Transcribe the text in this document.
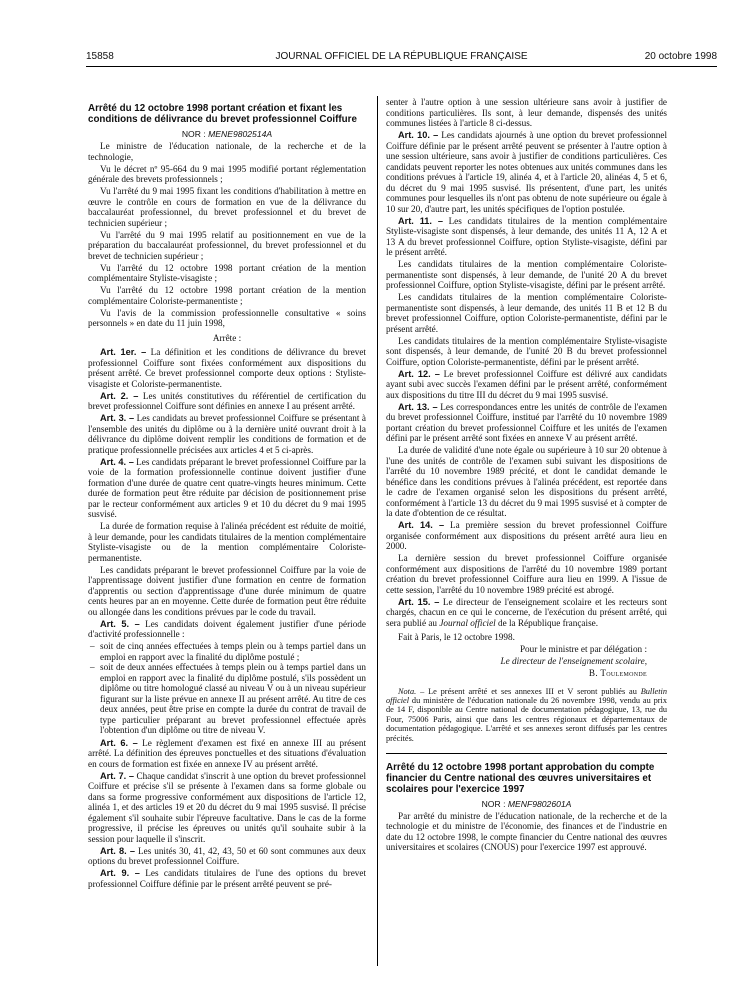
15858	JOURNAL OFFICIEL DE LA RÉPUBLIQUE FRANÇAISE	20 octobre 1998
Arrêté du 12 octobre 1998 portant création et fixant les conditions de délivrance du brevet professionnel Coiffure

NOR : MENE9802514A

Le ministre de l'éducation nationale, de la recherche et de la technologie,

Vu le décret nº 95-664 du 9 mai 1995 modifié portant réglementation générale des brevets professionnels ;

Vu l'arrêté du 9 mai 1995 fixant les conditions d'habilitation à mettre en œuvre le contrôle en cours de formation en vue de la délivrance du baccalauréat professionnel, du brevet professionnel et du brevet de technicien supérieur ;

Vu l'arrêté du 9 mai 1995 relatif au positionnement en vue de la préparation du baccalauréat professionnel, du brevet professionnel et du brevet de technicien supérieur ;

Vu l'arrêté du 12 octobre 1998 portant création de la mention complémentaire Styliste-visagiste ;

Vu l'arrêté du 12 octobre 1998 portant création de la mention complémentaire Coloriste-permanentiste ;

Vu l'avis de la commission professionnelle consultative « soins personnels » en date du 11 juin 1998,

Arrête :

Art. 1er. – La définition et les conditions de délivrance du brevet professionnel Coiffure sont fixées conformément aux dispositions du présent arrêté. Ce brevet professionnel comporte deux options : Styliste-visagiste et Coloriste-permanentiste.

Art. 2. – Les unités constitutives du référentiel de certification du brevet professionnel Coiffure sont définies en annexe I au présent arrêté.

Art. 3. – Les candidats au brevet professionnel Coiffure se présentant à l'ensemble des unités du diplôme ou à la dernière unité ouvrant droit à la délivrance du diplôme doivent remplir les conditions de formation et de pratique professionnelle précisées aux articles 4 et 5 ci-après.

Art. 4. – Les candidats préparant le brevet professionnel Coiffure par la voie de la formation professionnelle continue doivent justifier d'une formation d'une durée de quatre cent quatre-vingts heures minimum. Cette durée de formation peut être réduite par décision de positionnement prise par le recteur conformément aux articles 9 et 10 du décret du 9 mai 1995 susvisé.

La durée de formation requise à l'alinéa précédent est réduite de moitié, à leur demande, pour les candidats titulaires de la mention complémentaire Styliste-visagiste ou de la mention complémentaire Coloriste-permanentiste.

Les candidats préparant le brevet professionnel Coiffure par la voie de l'apprentissage doivent justifier d'une formation en centre de formation d'apprentis ou section d'apprentissage d'une durée minimum de quatre cents heures par an en moyenne. Cette durée de formation peut être réduite ou allongée dans les conditions prévues par le code du travail.

Art. 5. – Les candidats doivent également justifier d'une période d'activité professionnelle :

– soit de cinq années effectuées à temps plein ou à temps partiel dans un emploi en rapport avec la finalité du diplôme postulé ;
– soit de deux années effectuées à temps plein ou à temps partiel dans un emploi en rapport avec la finalité du diplôme postulé, s'ils possèdent un diplôme ou titre homologué classé au niveau V ou à un niveau supérieur figurant sur la liste prévue en annexe II au présent arrêté. Au titre de ces deux années, peut être prise en compte la durée du contrat de travail de type particulier préparant au brevet professionnel effectuée après l'obtention d'un diplôme ou titre de niveau V.

Art. 6. – Le règlement d'examen est fixé en annexe III au présent arrêté. La définition des épreuves ponctuelles et des situations d'évaluation en cours de formation est fixée en annexe IV au présent arrêté.

Art. 7. – Chaque candidat s'inscrit à une option du brevet professionnel Coiffure et précise s'il se présente à l'examen dans sa forme globale ou dans sa forme progressive conformément aux dispositions de l'article 12, alinéa 1, et des articles 19 et 20 du décret du 9 mai 1995 susvisé. Il précise également s'il souhaite subir l'épreuve facultative. Dans le cas de la forme progressive, il précise les épreuves ou unités qu'il souhaite subir à la session pour laquelle il s'inscrit.

Art. 8. – Les unités 30, 41, 42, 43, 50 et 60 sont communes aux deux options du brevet professionnel Coiffure.

Art. 9. – Les candidats titulaires de l'une des options du brevet professionnel Coiffure définie par le présent arrêté peuvent se pré-

senter à l'autre option à une session ultérieure sans avoir à justifier de conditions particulières. Ils sont, à leur demande, dispensés des unités communes listées à l'article 8 ci-dessus.

Art. 10. – Les candidats ajournés à une option du brevet professionnel Coiffure définie par le présent arrêté peuvent se présenter à l'autre option à une session ultérieure, sans avoir à justifier de conditions particulières. Ces candidats peuvent reporter les notes obtenues aux unités communes dans les conditions prévues à l'article 19, alinéa 4, et à l'article 20, alinéas 4, 5 et 6, du décret du 9 mai 1995 susvisé. Ils présentent, d'une part, les unités communes pour lesquelles ils n'ont pas obtenu de note supérieure ou égale à 10 sur 20, d'autre part, les unités spécifiques de l'option postulée.

Art. 11. – Les candidats titulaires de la mention complémentaire Styliste-visagiste sont dispensés, à leur demande, des unités 11 A, 12 A et 13 A du brevet professionnel Coiffure, option Styliste-visagiste, défini par le présent arrêté.

Les candidats titulaires de la mention complémentaire Coloriste-permanentiste sont dispensés, à leur demande, de l'unité 20 A du brevet professionnel Coiffure, option Styliste-visagiste, défini par le présent arrêté.

Les candidats titulaires de la mention complémentaire Coloriste-permanentiste sont dispensés, à leur demande, des unités 11 B et 12 B du brevet professionnel Coiffure, option Coloriste-permanentiste, défini par le présent arrêté.

Les candidats titulaires de la mention complémentaire Styliste-visagiste sont dispensés, à leur demande, de l'unité 20 B du brevet professionnel Coiffure, option Coloriste-permanentiste, défini par le présent arrêté.

Art. 12. – Le brevet professionnel Coiffure est délivré aux candidats ayant subi avec succès l'examen défini par le présent arrêté, conformément aux dispositions du titre III du décret du 9 mai 1995 susvisé.

Art. 13. – Les correspondances entre les unités de contrôle de l'examen du brevet professionnel Coiffure, institué par l'arrêté du 10 novembre 1989 portant création du brevet professionnel Coiffure et les unités de l'examen défini par le présent arrêté sont fixées en annexe V au présent arrêté.

La durée de validité d'une note égale ou supérieure à 10 sur 20 obtenue à l'une des unités de contrôle de l'examen subi suivant les dispositions de l'arrêté du 10 novembre 1989 précité, et dont le candidat demande le bénéfice dans les conditions prévues à l'alinéa précédent, est reportée dans le cadre de l'examen organisé selon les dispositions du présent arrêté, conformément à l'article 13 du décret du 9 mai 1995 susvisé et à compter de la date d'obtention de ce résultat.

Art. 14. – La première session du brevet professionnel Coiffure organisée conformément aux dispositions du présent arrêté aura lieu en 2000.

La dernière session du brevet professionnel Coiffure organisée conformément aux dispositions de l'arrêté du 10 novembre 1989 portant création du brevet professionnel Coiffure aura lieu en 1999. A l'issue de cette session, l'arrêté du 10 novembre 1989 précité est abrogé.

Art. 15. – Le directeur de l'enseignement scolaire et les recteurs sont chargés, chacun en ce qui le concerne, de l'exécution du présent arrêté, qui sera publié au Journal officiel de la République française.

Fait à Paris, le 12 octobre 1998.

Pour le ministre et par délégation :

Le directeur de l'enseignement scolaire,

B. Toulemonde

Nota. – Le présent arrêté et ses annexes III et V seront publiés au Bulletin officiel du ministère de l'éducation nationale du 26 novembre 1998, vendu au prix de 14 F, disponible au Centre national de documentation pédagogique, 13, rue du Four, 75006 Paris, ainsi que dans les centres régionaux et départementaux de documentation pédagogique. L'arrêté et ses annexes seront diffusés par les centres précités.

Arrêté du 12 octobre 1998 portant approbation du compte financier du Centre national des œuvres universitaires et scolaires pour l'exercice 1997

NOR : MENF9802601A

Par arrêté du ministre de l'éducation nationale, de la recherche et de la technologie et du ministre de l'économie, des finances et de l'industrie en date du 12 octobre 1998, le compte financier du Centre national des œuvres universitaires et scolaires (CNOUS) pour l'exercice 1997 est approuvé.
